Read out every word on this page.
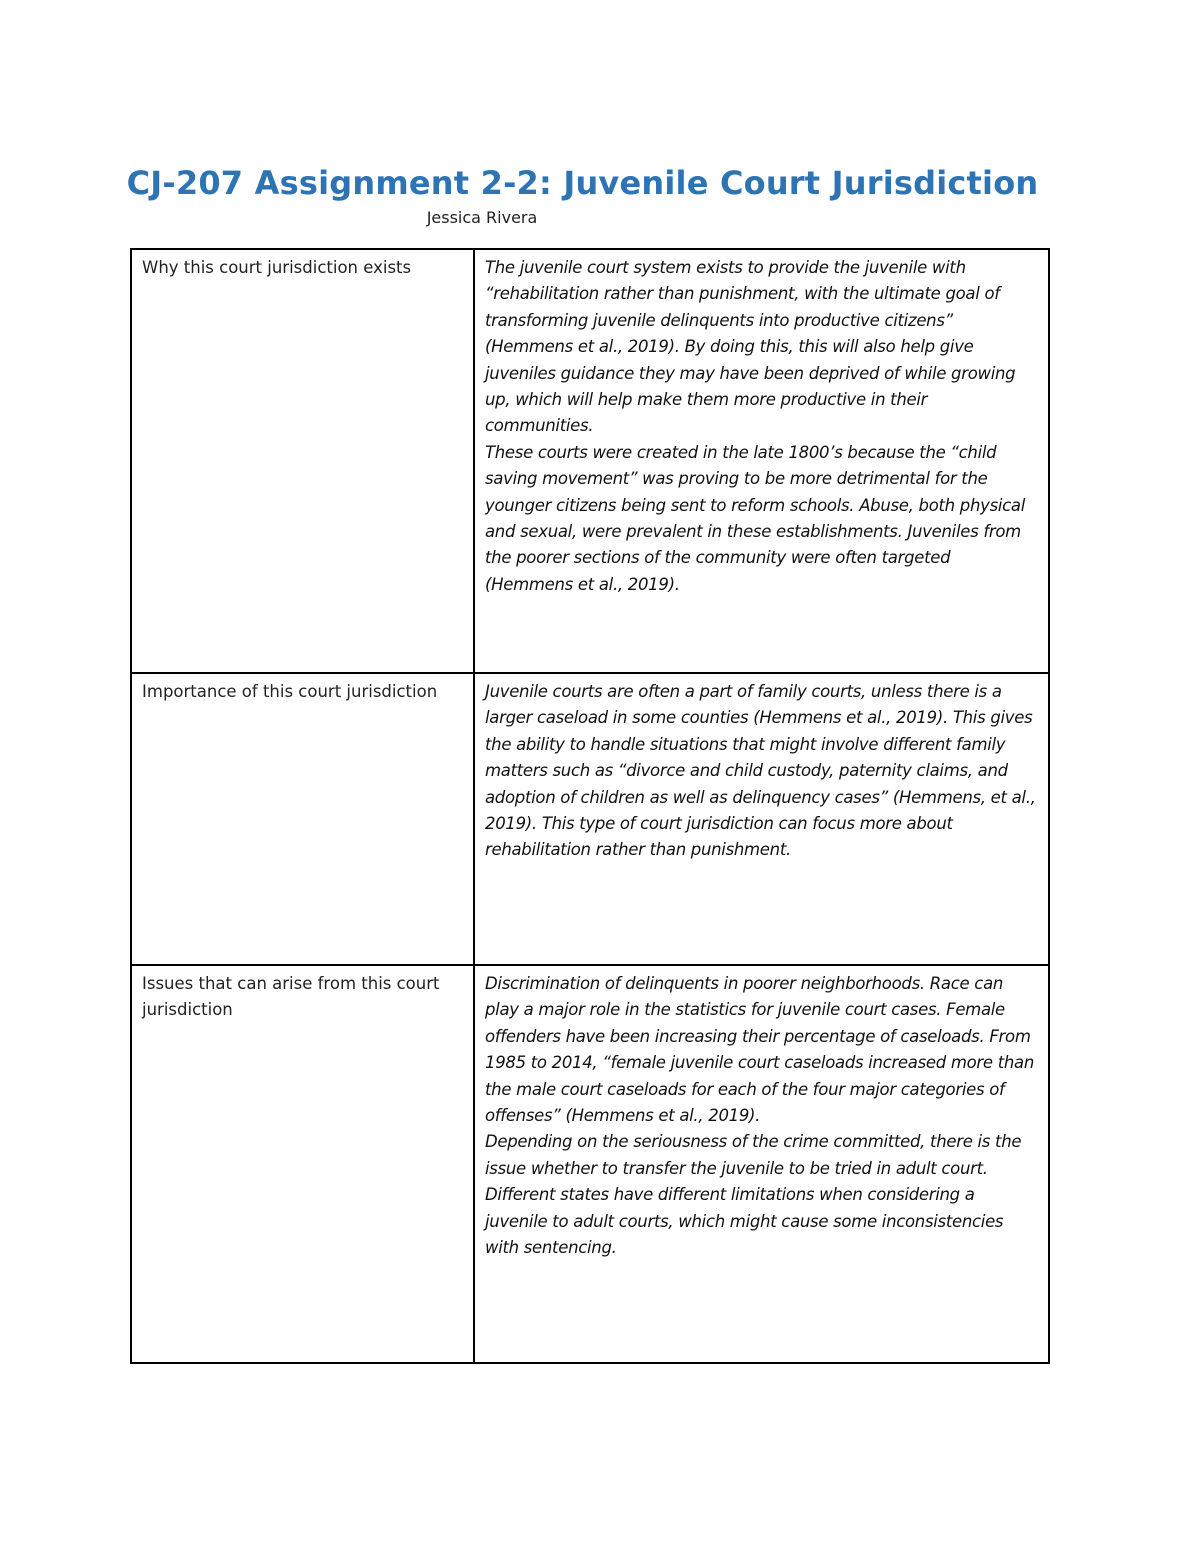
CJ-207 Assignment 2-2: Juvenile Court Jurisdiction
Jessica Rivera
Why this court jurisdiction exists	The juvenile court system exists to provide the juvenile with “rehabilitation rather than punishment, with the ultimate goal of transforming juvenile delinquents into productive citizens” (Hemmens et al., 2019). By doing this, this will also help give juveniles guidance they may have been deprived of while growing up, which will help make them more productive in their communities.

These courts were created in the late 1800’s because the “child saving movement” was proving to be more detrimental for the younger citizens being sent to reform schools. Abuse, both physical and sexual, were prevalent in these establishments. Juveniles from the poorer sections of the community were often targeted (Hemmens et al., 2019).

Importance of this court jurisdiction	Juvenile courts are often a part of family courts, unless there is a larger caseload in some counties (Hemmens et al., 2019). This gives the ability to handle situations that might involve different family matters such as “divorce and child custody, paternity claims, and adoption of children as well as delinquency cases” (Hemmens, et al., 2019). This type of court jurisdiction can focus more about rehabilitation rather than punishment.

Issues that can arise from this court jurisdiction	Discrimination of delinquents in poorer neighborhoods. Race can play a major role in the statistics for juvenile court cases. Female offenders have been increasing their percentage of caseloads. From 1985 to 2014, “female juvenile court caseloads increased more than the male court caseloads for each of the four major categories of offenses” (Hemmens et al., 2019).

Depending on the seriousness of the crime committed, there is the issue whether to transfer the juvenile to be tried in adult court. Different states have different limitations when considering a juvenile to adult courts, which might cause some inconsistencies with sentencing.
